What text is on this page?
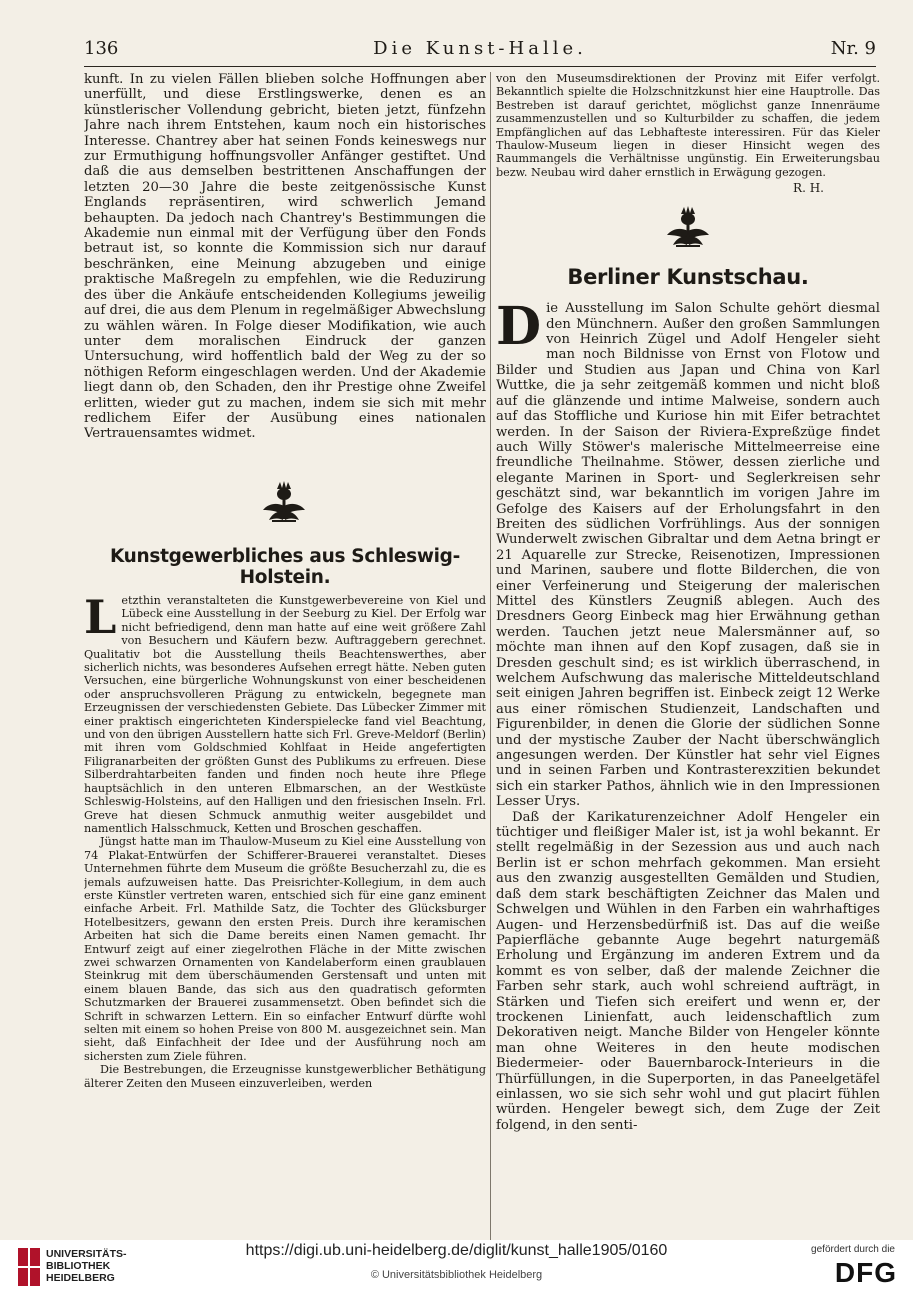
136	Die Kunst-Halle.	Nr. 9

kunft. In zu vielen Fällen blieben solche Hoffnungen aber unerfüllt, und diese Erstlingswerke, denen es an künstlerischer Vollendung gebricht, bieten jetzt, fünfzehn Jahre nach ihrem Entstehen, kaum noch ein historisches Interesse. Chantrey aber hat seinen Fonds keineswegs nur zur Ermuthigung hoffnungsvoller Anfänger gestiftet. Und daß die aus demselben bestrittenen Anschaffungen der letzten 20—30 Jahre die beste zeitgenössische Kunst Englands repräsentiren, wird schwerlich Jemand behaupten. Da jedoch nach Chantrey's Bestimmungen die Akademie nun einmal mit der Verfügung über den Fonds betraut ist, so konnte die Kommission sich nur darauf beschränken, eine Meinung abzugeben und einige praktische Maßregeln zu empfehlen, wie die Reduzirung des über die Ankäufe entscheidenden Kollegiums jeweilig auf drei, die aus dem Plenum in regelmäßiger Abwechslung zu wählen wären. In Folge dieser Modifikation, wie auch unter dem moralischen Eindruck der ganzen Untersuchung, wird hoffentlich bald der Weg zu der so nöthigen Reform eingeschlagen werden. Und der Akademie liegt dann ob, den Schaden, den ihr Prestige ohne Zweifel erlitten, wieder gut zu machen, indem sie sich mit mehr redlichem Eifer der Ausübung eines nationalen Vertrauensamtes widmet.

Kunstgewerbliches aus Schleswig-Holstein.

L etzthin veranstalteten die Kunstgewerbevereine von Kiel und Lübeck eine Ausstellung in der Seeburg zu Kiel. Der Erfolg war nicht befriedigend, denn man hatte auf eine weit größere Zahl von Besuchern und Käufern bezw. Auftraggebern gerechnet. Qualitativ bot die Ausstellung theils Beachtenswerthes, aber sicherlich nichts, was besonderes Aufsehen erregt hätte. Neben guten Versuchen, eine bürgerliche Wohnungskunst von einer bescheidenen oder anspruchsvolleren Prägung zu entwickeln, begegnete man Erzeugnissen der verschiedensten Gebiete. Das Lübecker Zimmer mit einer praktisch eingerichteten Kinderspielecke fand viel Beachtung, und von den übrigen Ausstellern hatte sich Frl. Greve-Meldorf (Berlin) mit ihren vom Goldschmied Kohlfaat in Heide angefertigten Filigranarbeiten der größten Gunst des Publikums zu erfreuen. Diese Silberdrahtarbeiten fanden und finden noch heute ihre Pflege hauptsächlich in den unteren Elbmarschen, an der Westküste Schleswig-Holsteins, auf den Halligen und den friesischen Inseln. Frl. Greve hat diesen Schmuck anmuthig weiter ausgebildet und namentlich Halsschmuck, Ketten und Broschen geschaffen.

Jüngst hatte man im Thaulow-Museum zu Kiel eine Ausstellung von 74 Plakat-Entwürfen der Schifferer-Brauerei veranstaltet. Dieses Unternehmen führte dem Museum die größte Besucherzahl zu, die es jemals aufzuweisen hatte. Das Preisrichter-Kollegium, in dem auch erste Künstler vertreten waren, entschied sich für eine ganz eminent einfache Arbeit. Frl. Mathilde Satz, die Tochter des Glücksburger Hotelbesitzers, gewann den ersten Preis. Durch ihre keramischen Arbeiten hat sich die Dame bereits einen Namen gemacht. Ihr Entwurf zeigt auf einer ziegelrothen Fläche in der Mitte zwischen zwei schwarzen Ornamenten von Kandelaberform einen graublauen Steinkrug mit dem überschäumenden Gerstensaft und unten mit einem blauen Bande, das sich aus den quadratisch geformten Schutzmarken der Brauerei zusammensetzt. Oben befindet sich die Schrift in schwarzen Lettern. Ein so einfacher Entwurf dürfte wohl selten mit einem so hohen Preise von 800 M. ausgezeichnet sein. Man sieht, daß Einfachheit der Idee und der Ausführung noch am sichersten zum Ziele führen.

Die Bestrebungen, die Erzeugnisse kunstgewerblicher Bethätigung älterer Zeiten den Museen einzuverleiben, werden

von den Museumsdirektionen der Provinz mit Eifer verfolgt. Bekanntlich spielte die Holzschnitzkunst hier eine Hauptrolle. Das Bestreben ist darauf gerichtet, möglichst ganze Innenräume zusammenzustellen und so Kulturbilder zu schaffen, die jedem Empfänglichen auf das Lebhafteste interessiren. Für das Kieler Thaulow-Museum liegen in dieser Hinsicht wegen des Raummangels die Verhältnisse ungünstig. Ein Erweiterungsbau bezw. Neubau wird daher ernstlich in Erwägung gezogen.

R. H.
Berliner Kunstschau.

D ie Ausstellung im Salon Schulte gehört diesmal den Münchnern. Außer den großen Sammlungen von Heinrich Zügel und Adolf Hengeler sieht man noch Bildnisse von Ernst von Flotow und Bilder und Studien aus Japan und China von Karl Wuttke, die ja sehr zeitgemäß kommen und nicht bloß auf die glänzende und intime Malweise, sondern auch auf das Stoffliche und Kuriose hin mit Eifer betrachtet werden. In der Saison der Riviera-Expreßzüge findet auch Willy Stöwer's malerische Mittelmeerreise eine freundliche Theilnahme. Stöwer, dessen zierliche und elegante Marinen in Sport- und Seglerkreisen sehr geschätzt sind, war bekanntlich im vorigen Jahre im Gefolge des Kaisers auf der Erholungsfahrt in den Breiten des südlichen Vorfrühlings. Aus der sonnigen Wunderwelt zwischen Gibraltar und dem Aetna bringt er 21 Aquarelle zur Strecke, Reisenotizen, Impressionen und Marinen, saubere und flotte Bilderchen, die von einer Verfeinerung und Steigerung der malerischen Mittel des Künstlers Zeugniß ablegen. Auch des Dresdners Georg Einbeck mag hier Erwähnung gethan werden. Tauchen jetzt neue Malersmänner auf, so möchte man ihnen auf den Kopf zusagen, daß sie in Dresden geschult sind; es ist wirklich überraschend, in welchem Aufschwung das malerische Mitteldeutschland seit einigen Jahren begriffen ist. Einbeck zeigt 12 Werke aus einer römischen Studienzeit, Landschaften und Figurenbilder, in denen die Glorie der südlichen Sonne und der mystische Zauber der Nacht überschwänglich angesungen werden. Der Künstler hat sehr viel Eignes und in seinen Farben und Kontrasterexzitien bekundet sich ein starker Pathos, ähnlich wie in den Impressionen Lesser Urys.

Daß der Karikaturenzeichner Adolf Hengeler ein tüchtiger und fleißiger Maler ist, ist ja wohl bekannt. Er stellt regelmäßig in der Sezession aus und auch nach Berlin ist er schon mehrfach gekommen. Man ersieht aus den zwanzig ausgestellten Gemälden und Studien, daß dem stark beschäftigten Zeichner das Malen und Schwelgen und Wühlen in den Farben ein wahrhaftiges Augen- und Herzensbedürfniß ist. Das auf die weiße Papierfläche gebannte Auge begehrt naturgemäß Erholung und Ergänzung im anderen Extrem und da kommt es von selber, daß der malende Zeichner die Farben sehr stark, auch wohl schreiend aufträgt, in Stärken und Tiefen sich ereifert und wenn er, der trockenen Linienfatt, auch leidenschaftlich zum Dekorativen neigt. Manche Bilder von Hengeler könnte man ohne Weiteres in den heute modischen Biedermeier- oder Bauernbarock-Interieurs in die Thürfüllungen, in die Superporten, in das Paneelgetäfel einlassen, wo sie sich sehr wohl und gut placirt fühlen würden. Hengeler bewegt sich, dem Zuge der Zeit folgend, in den senti-

UNIVERSITÄTS-
BIBLIOTHEK
HEIDELBERG
https://digi.ub.uni-heidelberg.de/diglit/kunst_halle1905/0160
© Universitätsbibliothek Heidelberg
gefördert durch die
DFG
